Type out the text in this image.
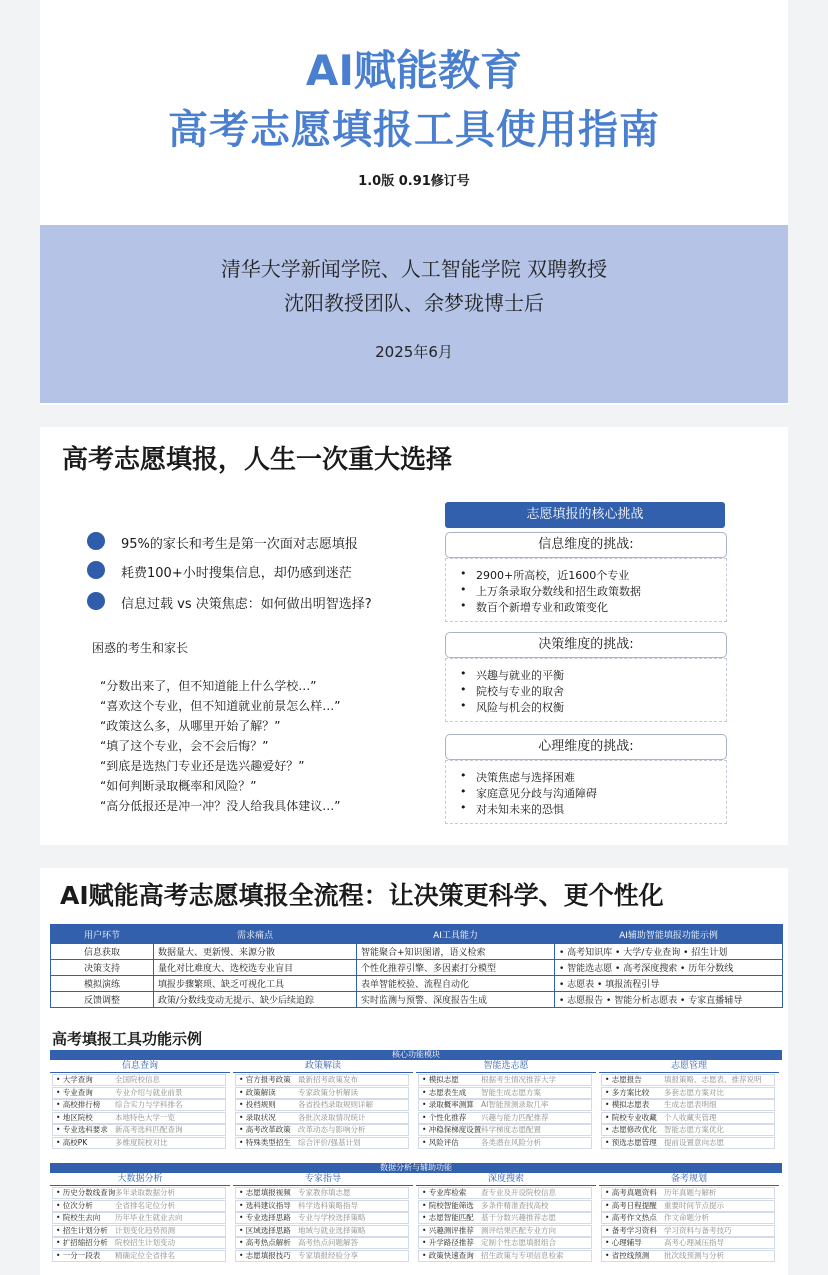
AI赋能教育
高考志愿填报工具使用指南
1.0版 0.91修订号
清华大学新闻学院、人工智能学院 双聘教授
沈阳教授团队、余梦珑博士后
2025年6月
高考志愿填报，人生一次重大选择
95%的家长和考生是第一次面对志愿填报
耗费100+小时搜集信息，却仍感到迷茫
信息过载 vs 决策焦虑：如何做出明智选择?
困惑的考生和家长
“分数出来了，但不知道能上什么学校…”
“喜欢这个专业，但不知道就业前景怎么样…”
“政策这么多，从哪里开始了解？”
“填了这个专业，会不会后悔？”
“到底是选热门专业还是选兴趣爱好？”
“如何判断录取概率和风险？”
“高分低报还是冲一冲？没人给我具体建议…”
志愿填报的核心挑战
信息维度的挑战:
2900+所高校，近1600个专业
上万条录取分数线和招生政策数据
数百个新增专业和政策变化
决策维度的挑战:
兴趣与就业的平衡
院校与专业的取舍
风险与机会的权衡
心理维度的挑战:
决策焦虑与选择困难
家庭意见分歧与沟通障碍
对未知未来的恐惧
AI赋能高考志愿填报全流程：让决策更科学、更个性化
用户环节	需求痛点	AI工具能力	AI辅助智能填报功能示例
信息获取	数据量大、更新慢、来源分散	智能聚合+知识图谱，语义检索	• 高考知识库 • 大学/专业查询 • 招生计划
决策支持	量化对比难度大、选校选专业盲目	个性化推荐引擎、多因素打分模型	• 智能选志愿 • 高考深度搜索 • 历年分数线
模拟演练	填报步骤繁琐、缺乏可视化工具	表单智能校验、流程自动化	• 志愿表 • 填报流程引导
反馈调整	政策/分数线变动无提示、缺少后续追踪	实时监测与预警、深度报告生成	• 志愿报告 • 智能分析志愿表 • 专家直播辅导
高考填报工具功能示例
核心功能模块
信息查询
• 大学查询	全国院校信息
• 专业查询	专业介绍与就业前景
• 高校排行榜 综合实力与学科排名
• 地区院校	本地特色大学一览
• 专业选科要求 新高考选科匹配查询
• 高校PK	多维度院校对比
政策解读
• 官方报考政策 最新招考政策发布
• 政策解读	专家政策分析解读
• 投档规则	各省投档录取规则详解
• 录取状况	各批次录取情况统计
• 高考改革政策 改革动态与影响分析
• 特殊类型招生 综合评价/强基计划
智能选志愿
• 模拟志愿	根据考生情况推荐大学
• 志愿表生成 智能生成志愿方案
• 录取概率测算 AI智能预测录取几率
• 个性化推荐 兴趣与能力匹配推荐
• 冲稳保梯度设置 科学梯度志愿配置
• 风险评估	各类潜在风险分析
志愿管理
• 志愿报告	填报策略、志愿表、推荐说明
• 多方案比较 多套志愿方案对比
• 模拟志愿表 生成志愿表明细
• 院校专业收藏 个人收藏夹管理
• 志愿修改优化 智能志愿方案优化
• 预选志愿管理 提前设置意向志愿
数据分析与辅助功能
大数据分析
• 历史分数线查询 多年录取数据分析
• 位次分析	全省排名定位分析
• 院校生去向 历年毕业生就业去向
• 招生计划分析 计划变化趋势预测
• 扩招缩招分析 院校招生计划变动
• 一分一段表 精确定位全省排名
专家指导
• 志愿填报视频 专家教你填志愿
• 选科建议指导 科学选科策略指导
• 专业选择思路 专业与学校选择策略
• 区域选择思路 地域与就业选择策略
• 高考热点解析 高考热点问题解答
• 志愿填报技巧 专家填报经验分享
深度搜索
• 专业库检索 查专业及开设院校信息
• 院校智能筛选 多条件精准查找高校
• 志愿智能匹配 基于分数兴趣推荐志愿
• 兴趣测评推荐 测评结果匹配专业方向
• 升学路径推荐 定制个性志愿填报组合
• 政策快速查询 招生政策与专项信息检索
备考规划
• 高考真题资料 历年真题与解析
• 高考日程提醒 重要时间节点提示
• 高考作文热点 作文命题分析
• 备考学习资料 学习资料与备考技巧
• 心理辅导	高考心理减压指导
• 省控线预测 批次线预测与分析
